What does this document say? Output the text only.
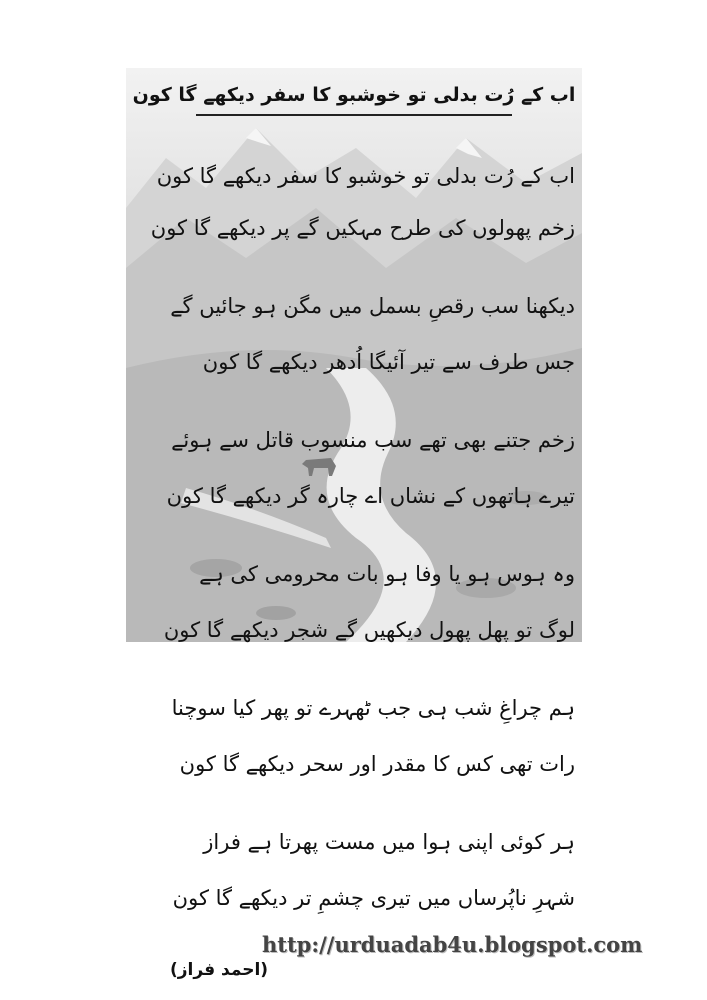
اب کے رُت بدلی تو خوشبو کا سفر دیکھے گا کون
اب کے رُت بدلی تو خوشبو کا سفر دیکھے گا کون
زخم پھولوں کی طرح مہکیں گے پر دیکھے گا کون
دیکھنا سب رقصِ بسمل میں مگن ہو جائیں گے
جس طرف سے تیر آئیگا اُدھر دیکھے گا کون
زخم جتنے بھی تھے سب منسوب قاتل سے ہوئے
تیرے ہاتھوں کے نشاں اے چارہ گر دیکھے گا کون
وہ ہوس ہو یا وفا ہو بات محرومی کی ہے
لوگ تو پھل پھول دیکھیں گے شجر دیکھے گا کون
ہم چراغِ شب ہی جب ٹھہرے تو پھر کیا سوچنا
رات تھی کس کا مقدر اور سحر دیکھے گا کون
ہر کوئی اپنی ہوا میں مست پھرتا ہے فراز
شہرِ ناپُرساں میں تیری چشمِ تر دیکھے گا کون
http://urduadab4u.blogspot.com
(احمد فراز)
